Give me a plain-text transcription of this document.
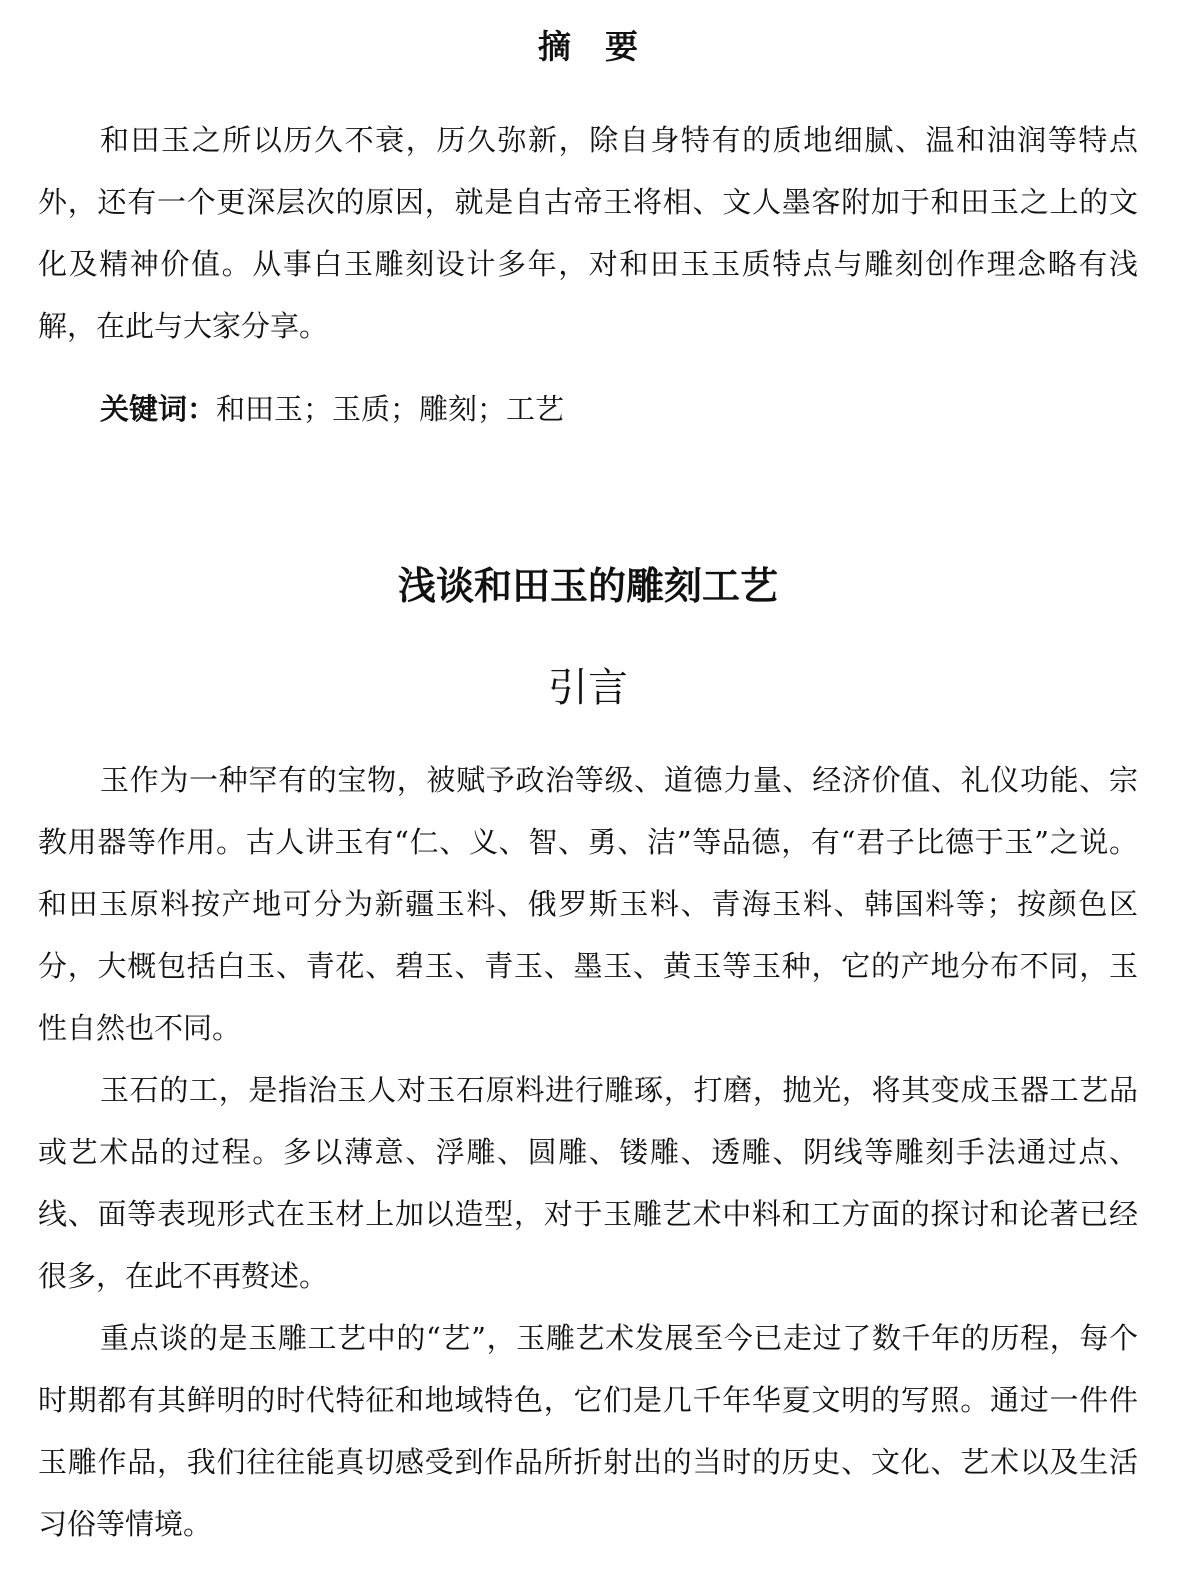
摘要

和田玉之所以历久不衰，历久弥新，除自身特有的质地细腻、温和油润等特点外，还有一个更深层次的原因，就是自古帝王将相、文人墨客附加于和田玉之上的文化及精神价值。从事白玉雕刻设计多年，对和田玉玉质特点与雕刻创作理念略有浅解，在此与大家分享。

关键词：和田玉；玉质；雕刻；工艺
浅谈和田玉的雕刻工艺
引言

玉作为一种罕有的宝物，被赋予政治等级、道德力量、经济价值、礼仪功能、宗教用器等作用。古人讲玉有“仁、义、智、勇、洁”等品德，有“君子比德于玉”之说。 和田玉原料按产地可分为新疆玉料、俄罗斯玉料、青海玉料、韩国料等；按颜色区分，大概包括白玉、青花、碧玉、青玉、墨玉、黄玉等玉种，它的产地分布不同，玉性自然也不同。

玉石的工，是指治玉人对玉石原料进行雕琢，打磨，抛光，将其变成玉器工艺品或艺术品的过程。多以薄意、浮雕、圆雕、镂雕、透雕、阴线等雕刻手法通过点、线、面等表现形式在玉材上加以造型，对于玉雕艺术中料和工方面的探讨和论著已经很多，在此不再赘述。

重点谈的是玉雕工艺中的“艺”，玉雕艺术发展至今已走过了数千年的历程，每个时期都有其鲜明的时代特征和地域特色，它们是几千年华夏文明的写照。通过一件件玉雕作品，我们往往能真切感受到作品所折射出的当时的历史、文化、艺术以及生活习俗等情境。
